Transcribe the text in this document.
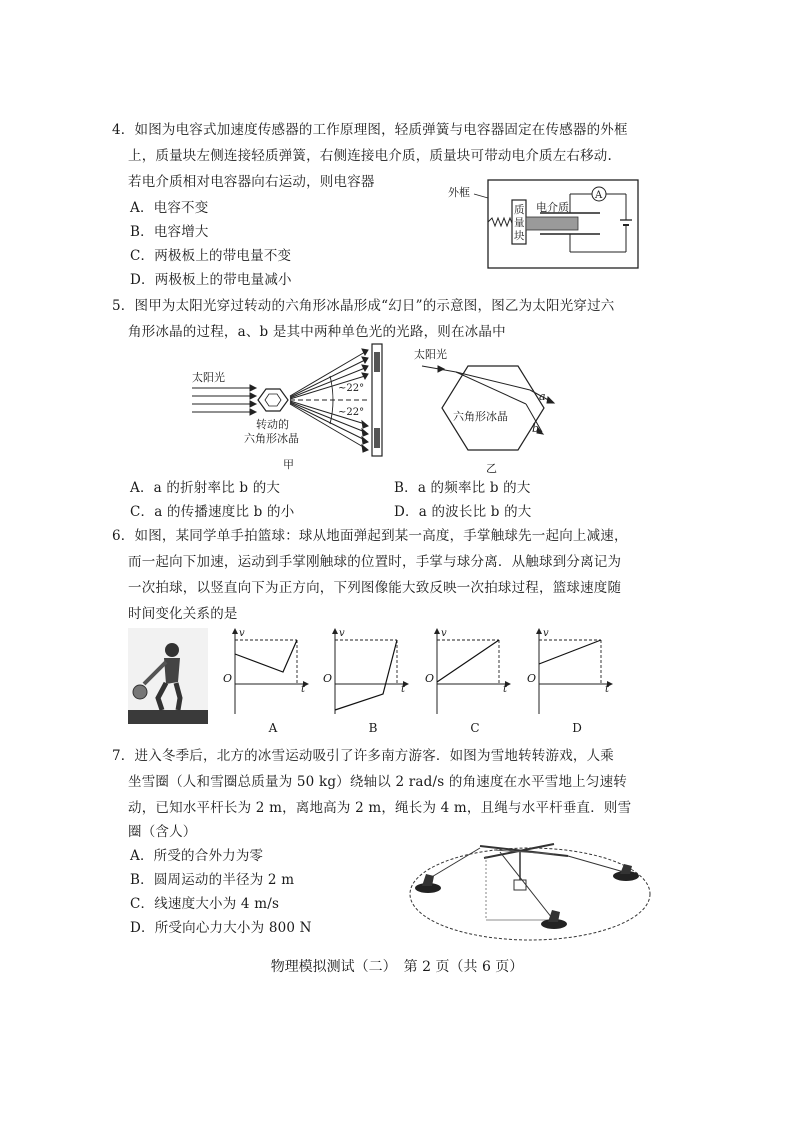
4．如图为电容式加速度传感器的工作原理图，轻质弹簧与电容器固定在传感器的外框
上，质量块左侧连接轻质弹簧，右侧连接电介质，质量块可带动电介质左右移动.
若电介质相对电容器向右运动，则电容器
A．电容不变
B．电容增大
C．两极板上的带电量不变
D．两极板上的带电量减小
外框
质
量
块
电介质
A
5．图甲为太阳光穿过转动的六角形冰晶形成“幻日”的示意图，图乙为太阳光穿过六
角形冰晶的过程，a、b 是其中两种单色光的光路，则在冰晶中
太阳光
~22°
~22°
转动的
六角形冰晶
甲
太阳光
六角形冰晶
a
b
乙
A．a 的折射率比 b 的大	B．a 的频率比 b 的大
C．a 的传播速度比 b 的小	D．a 的波长比 b 的大
6．如图，某同学单手拍篮球：球从地面弹起到某一高度，手掌触球先一起向上减速，
而一起向下加速，运动到手掌刚触球的位置时，手掌与球分离．从触球到分离记为
一次拍球，以竖直向下为正方向，下列图像能大致反映一次拍球过程，篮球速度随
时间变化关系的是
A	B	C	D
O	O	O	O
v	v	v	v
t	t	t	t
7．进入冬季后，北方的冰雪运动吸引了许多南方游客．如图为雪地转转游戏，人乘
坐雪圈（人和雪圈总质量为 50 kg）绕轴以 2 rad/s 的角速度在水平雪地上匀速转
动，已知水平杆长为 2 m，离地高为 2 m，绳长为 4 m，且绳与水平杆垂直．则雪
圈（含人）
A．所受的合外力为零
B．圆周运动的半径为 2 m
C．线速度大小为 4 m/s
D．所受向心力大小为 800 N
物理模拟测试（二）　第 2 页（共 6 页）
